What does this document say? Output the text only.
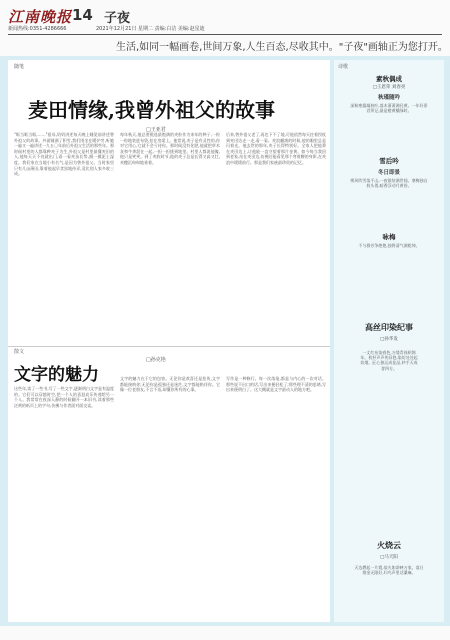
江南晚报 14 子夜
新闻热线:0351-4286666	2021年12月21日 星期二 责编:白洁 美编:赵星迪
生活,如同一幅画卷,世间万象,人生百态,尽收其中。"子夜"画轴正为您打开。
随笔
麦田情缘,我曾外祖父的故事
□王亚君
"哐当哐当哐,……"祖母,奶奶讲述每天晚上睡觉前讲述曾外祖父的故事。外面铺满了积雪,我们围坐在暖炉旁,听她一遍又一遍讲述一九五〇年前后外祖父生活的那些年。那时候村里的人都靠种麦子为生,外祖父是村里最懂麦田的人,他每天天不亮就出门,看一看麦苗长势,摸一摸泥土湿度。我们家在当地小有名气,是因为曾外祖父。当时家里只有几亩薄田,靠着他起早贪黑地侍弄,竟比别人家多收三成。
每年秋天,他总要挑选最饱满的麦粒作为来年的种子,一粒一粒地装进布袋,挂在房梁上。他常说,麦子是有灵性的,你对它用心,它就不会亏待你。那时候没有化肥,他就把草木灰和牛粪混在一起,一担一担挑到地里。村里人都说他傻,他只是笑笑。到了麦收时节,他的麦子总是长得又高又壮,麦穗沉甸甸地垂着。
后来,曾外祖父老了,再也下不了地,可他依然每天拄着拐杖到麦田边走一走,看一看。麦浪翻滚的时候,他的眼里总是闪着光。他去世的那年,麦子长得特别好。全家人把他葬在麦田边上,让他能一直守望着那片金黄。如今每当我回到老家,站在麦田边,仿佛还能看见那个弯着腰的身影,在麦浪中缓缓前行。那是我们家族最珍贵的记忆。
散文
文字的魅力
□孙克艳
这些年,读了一些书,写了一些文字,逐渐明白文字是有温度的。它们可以穿越时空,把一个人的喜怒哀乐传递给另一个人。我常常在夜深人静的时候翻开一本旧书,读着那些泛黄的纸页上的字句,仿佛与作者面对面交谈。
文字的魅力在于它的包容。无论你是欢喜还是悲伤,文字都能接纳你;无论你是孤独还是迷茫,文字都能陪伴你。它像一位老朋友,不言不语,却懂你所有的心事。
写作是一种修行。每一次落笔,都是与内心的一次对话。那些说不出口的话,写出来便轻松了;那些理不清的思绪,写出来便明白了。这大概就是文字最动人的地方吧。
诗歌
素秋偶成
□王恩荣 刘春亮
秋瑾随吟
深秋寒露凝枝叶,落木萧萧满径黄。一年好景君须记,最是橙黄橘绿时。
雪后吟
冬日即景
朔风吹雪落千山,一夜银装满世间。寒梅独自枝头俏,暗香浮动月黄昏。
咏梅
不与群芳争绝艳,独将清气满乾坤。
高丝印染纪事
□孙华发
一丈红布染春色,万缕青丝织锦年。机杼声声传旧巷,染坊处处起炊烟。匠心独运成佳品,妙手天成誉四方。
火烧云
□马天阳
天边燃起一片霞,似火如荼映万家。落日熔金无限好,归鸟声里话桑麻。
